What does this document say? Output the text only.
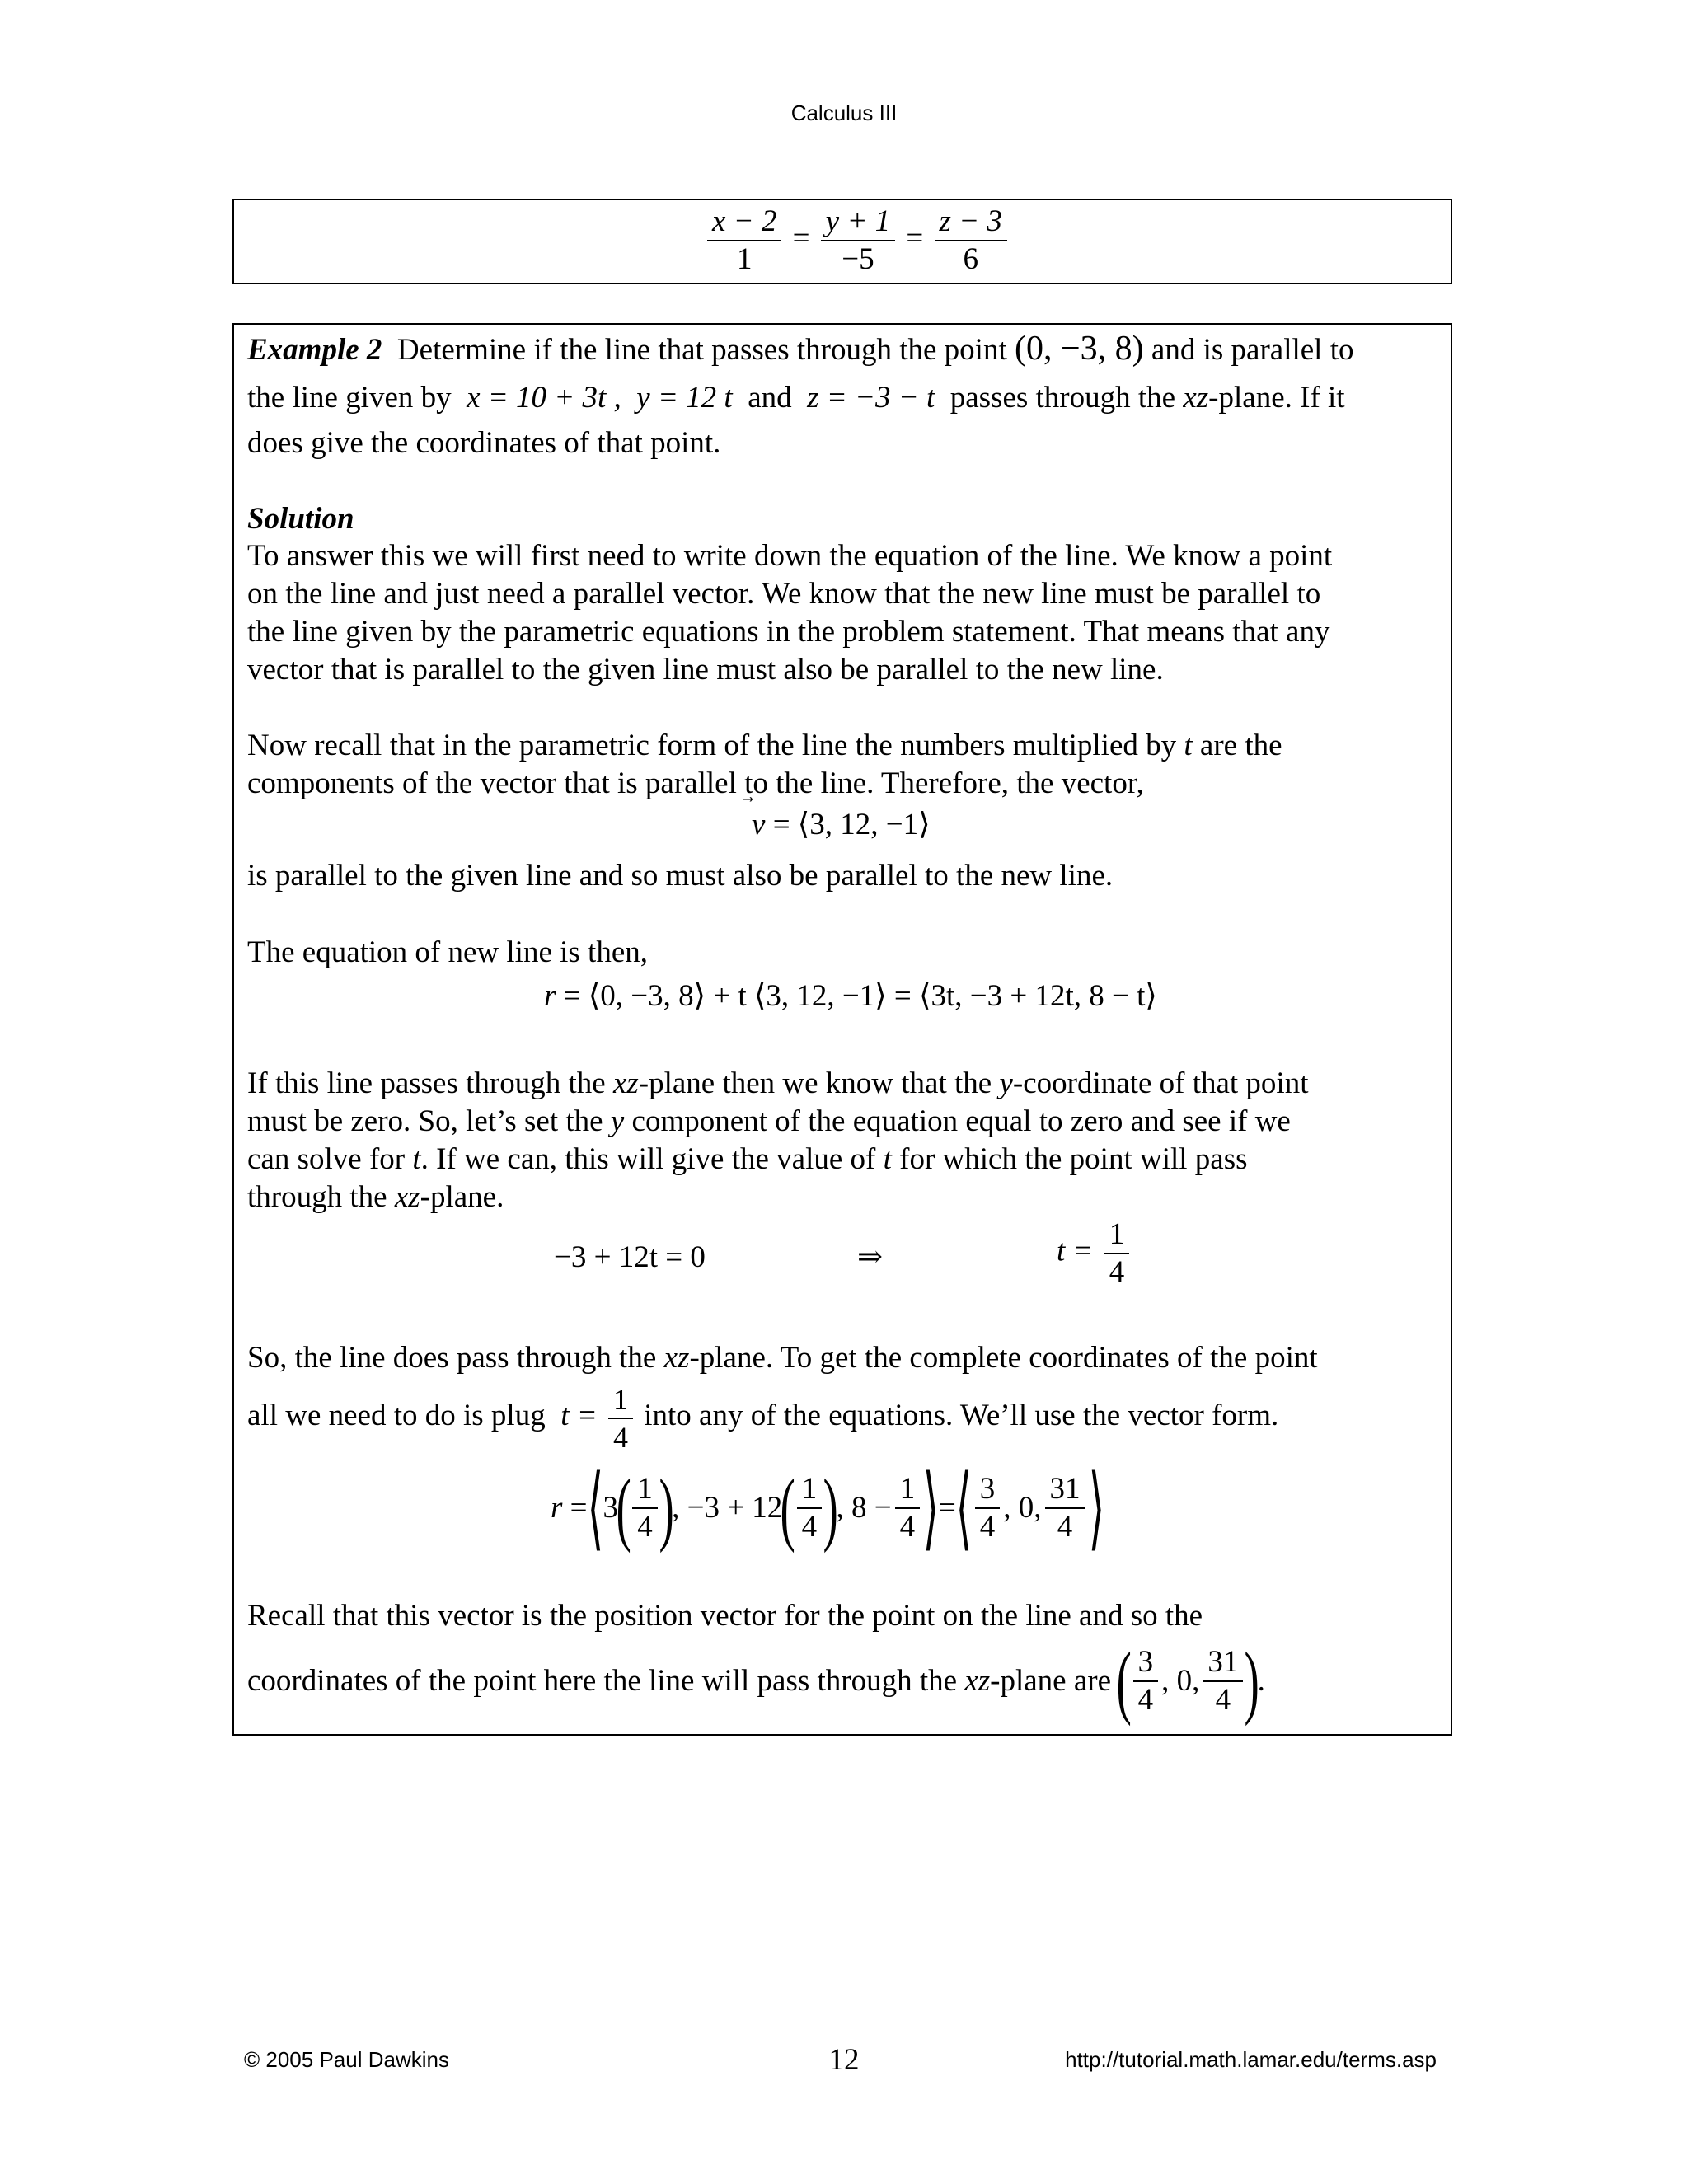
Calculus III
$\frac{x - 2}{1} = \frac{y + 1}{-5} = \frac{z - 3}{6}$
Example 2 Determine if the line that passes through the point (0, −3, 8) and is parallel to
the line given by x = 10 + 3t , y = 12 t and z = −3 − t passes through the xz-plane. If it
does give the coordinates of that point.
Solution
To answer this we will first need to write down the equation of the line. We know a point
on the line and just need a parallel vector. We know that the new line must be parallel to
the line given by the parametric equations in the problem statement. That means that any
vector that is parallel to the given line must also be parallel to the new line.
Now recall that in the parametric form of the line the numbers multiplied by t are the
components of the vector that is parallel to the line. Therefore, the vector,
v = ⟨3, 12, −1⟩
is parallel to the given line and so must also be parallel to the new line.
The equation of new line is then,
r = ⟨0, −3, 8⟩ + t ⟨3, 12, −1⟩ = ⟨3t, −3 + 12t, 8 − t⟩
If this line passes through the xz-plane then we know that the y-coordinate of that point
must be zero. So, let’s set the y component of the equation equal to zero and see if we
can solve for t. If we can, this will give the value of t for which the point will pass
through the xz-plane.
−3 + 12t = 0	⇒	$t = \frac{1}{4}$
So, the line does pass through the xz-plane. To get the complete coordinates of the point
all we need to do is plug $t = \frac{1}{4}$ into any of the equations. We’ll use the vector form.
r
= ⟨ 3
( $\frac{1}{4}$ )
, −3 + 12
( $\frac{1}{4}$ )
, $8 - \frac{1}{4}$ ⟩ = ⟨ $\frac{3}{4}$ , 0, $\frac{31}{4}$ ⟩
Recall that this vector is the position vector for the point on the line and so the
coordinates of the point here the line will pass through the
xz -plane are
( $\frac{3}{4}$ , 0, $\frac{31}{4}$ )
.
© 2005 Paul Dawkins	12	http://tutorial.math.lamar.edu/terms.asp
